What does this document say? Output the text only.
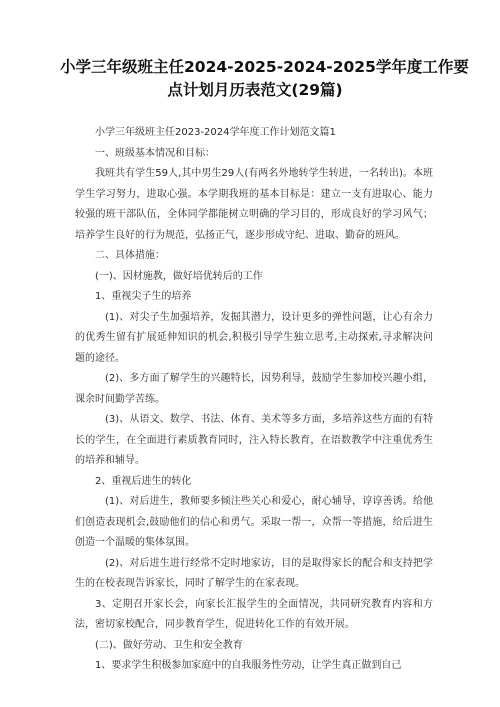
小学三年级班主任2024-2025-2024-2025学年度工作要
点计划月历表范文(29篇)

小学三年级班主任2023-2024学年度工作计划范文篇1

一、班级基本情况和目标：

我班共有学生59人,其中男生29人(有两名外地转学生转进，一名转出)。本班学生学习努力，进取心强。本学期我班的基本目标是：建立一支有进取心、能力较强的班干部队伍，全体同学都能树立明确的学习目的，形成良好的学习风气；培养学生良好的行为规范，弘扬正气，逐步形成守纪、进取、勤奋的班风。

二、具体措施：

(一)、因材施教，做好培优转后的工作

1、重视尖子生的培养

(1)、对尖子生加强培养，发掘其潜力，设计更多的弹性问题，让心有余力的优秀生留有扩展延伸知识的机会,积极引导学生独立思考,主动探索,寻求解决问题的途径。

(2)、多方面了解学生的兴趣特长，因势利导，鼓励学生参加校兴趣小组，课余时间勤学苦练。

(3)、从语文、数学、书法、体育、美术等多方面，多培养这些方面的有特长的学生，在全面进行素质教育同时，注入特长教育，在语数教学中注重优秀生的培养和辅导。

2、重视后进生的转化

(1)、对后进生，教师要多倾注些关心和爱心，耐心辅导，谆谆善诱。给他们创造表现机会,鼓励他们的信心和勇气。采取一帮一，众帮一等措施，给后进生创造一个温暖的集体氛围。

(2)、对后进生进行经常不定时地家访，目的是取得家长的配合和支持把学生的在校表现告诉家长，同时了解学生的在家表现。

3、定期召开家长会，向家长汇报学生的全面情况，共同研究教育内容和方法，密切家校配合，同步教育学生，促进转化工作的有效开展。

(二)、做好劳动、卫生和安全教育

1、要求学生积极参加家庭中的自我服务性劳动，让学生真正做到自己
